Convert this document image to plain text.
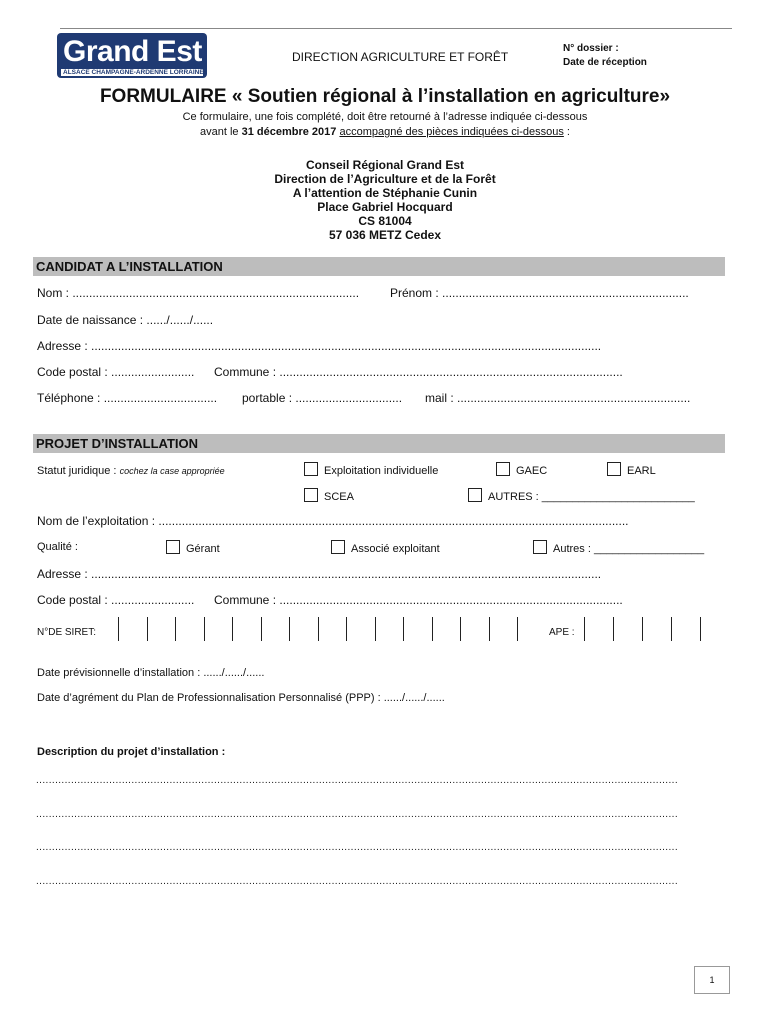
Grand Est
ALSACE CHAMPAGNE-ARDENNE LORRAINE
DIRECTION AGRICULTURE ET FORÊT
N° dossier :
Date de réception
FORMULAIRE « Soutien régional à l’installation en agriculture»
Ce formulaire, une fois complété, doit être retourné à l’adresse indiquée ci-dessous
avant le 31 décembre 2017 accompagné des pièces indiquées ci-dessous :
Conseil Régional Grand Est
Direction de l’Agriculture et de la Forêt
A l’attention de Stéphanie Cunin
Place Gabriel Hocquard
CS 81004
57 036 METZ Cedex
CANDIDAT A L’INSTALLATION
Nom : ......................................................................................	Prénom : ..........................................................................
Date de naissance : ....../....../......
Adresse : .........................................................................................................................................................
Code postal : ......................... Commune : .......................................................................................................
Téléphone : .................................. portable : ................................ mail : ......................................................................
PROJET D’INSTALLATION
Statut juridique : cochez la case appropriée	Exploitation individuelle	GAEC	EARL
SCEA	AUTRES : _________________________
Nom de l’exploitation : .............................................................................................................................................
Qualité :	Gérant	Associé exploitant	Autres : __________________
Adresse : .........................................................................................................................................................
Code postal : ......................... Commune : .......................................................................................................
N°DE SIRET:	APE :
Date prévisionnelle d’installation : ....../....../......
Date d’agrément du Plan de Professionnalisation Personnalisé (PPP) : ....../....../......
Description du projet d’installation :
..........................................................................................................................................................................................................
..........................................................................................................................................................................................................
..........................................................................................................................................................................................................
..........................................................................................................................................................................................................
1
